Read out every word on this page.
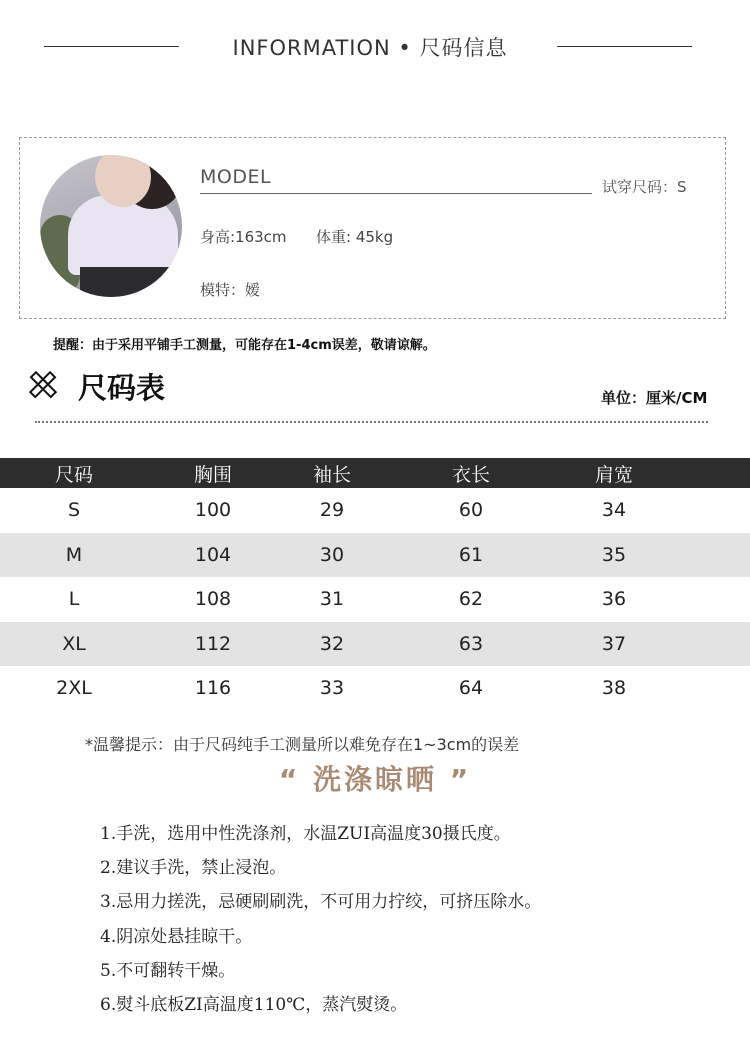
INFORMATION • 尺码信息
MODEL	试穿尺码：S
身高:163cm 体重: 45kg
模特：嫒
提醒：由于采用平铺手工测量，可能存在1-4cm误差，敬请谅解。
尺码表	单位：厘米/CM
尺码	胸围	袖长	衣长	肩宽
S	100	29	60	34
M	104	30	61	35
L	108	31	62	36
XL	112	32	63	37
2XL	116	33	64	38
*温馨提示：由于尺码纯手工测量所以难免存在1~3cm的误差
“ 洗涤晾晒 ”
1.手洗，选用中性洗涤剂，水温ZUI高温度30摄氏度。
2.建议手洗，禁止浸泡。
3.忌用力搓洗，忌硬刷刷洗，不可用力拧绞，可挤压除水。
4.阴凉处悬挂晾干。
5.不可翻转干燥。
6.熨斗底板ZI高温度110℃，蒸汽熨烫。
